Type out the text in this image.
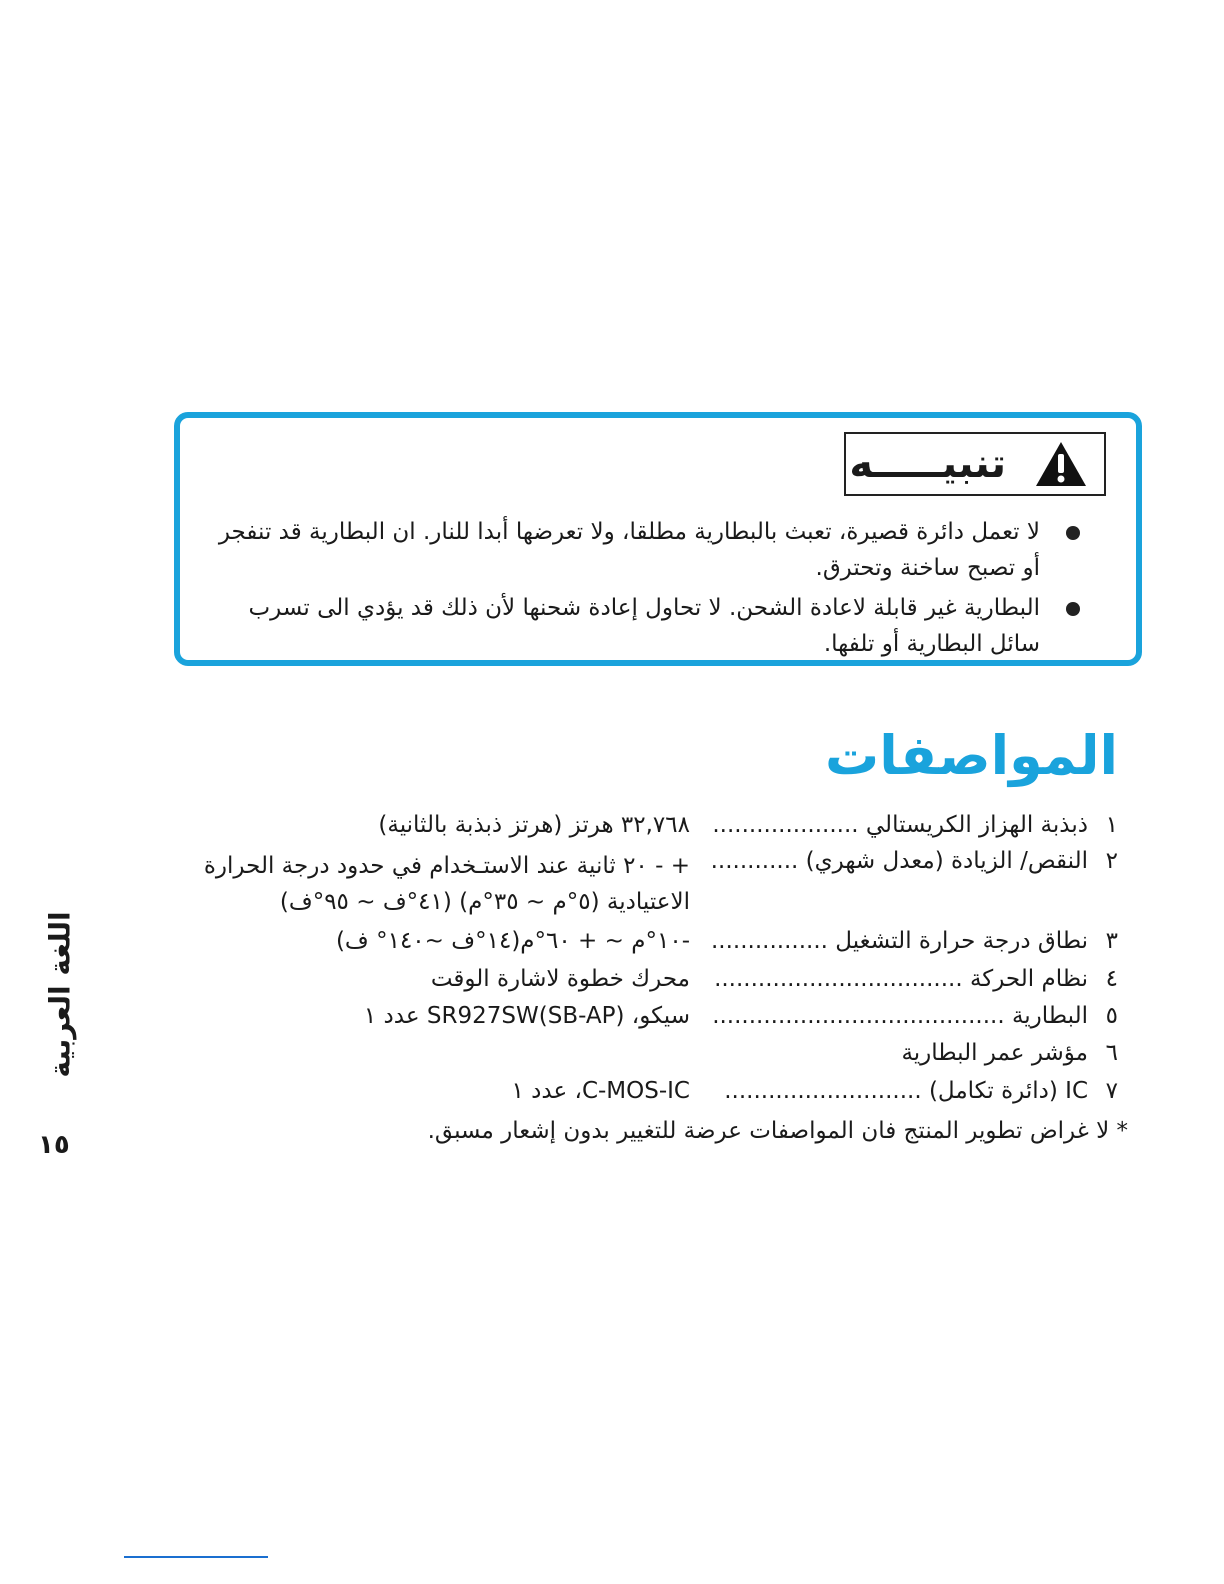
تنبيـــــه
لا تعمل دائرة قصيرة، تعبث بالبطارية مطلقا، ولا تعرضها أبدا للنار. ان البطارية قد تنفجر أو تصبح ساخنة وتحترق.
البطارية غير قابلة لاعادة الشحن. لا تحاول إعادة شحنها لأن ذلك قد يؤدي الى تسرب سائل البطارية أو تلفها.
المواصفات
١
ذبذبة الهزاز الكريستالي ....................
٣٢,٧٦٨ هرتز (هرتز ذبذبة بالثانية)
٢
النقص/ الزيادة (معدل شهري) ............
+ - ٢٠ ثانية عند الاستـخدام في حدود درجة الحرارة الاعتيادية (٥°م ~ ٣٥°م) (٤١°ف ~ ٩٥°ف)
٣
نطاق درجة حرارة التشغيل ................
-١٠°م ~ + ٦٠°م(١٤°ف ~١٤٠° ف)
٤
نظام الحركة ..................................
محرك خطوة لاشارة الوقت
٥
البطارية ........................................
سيكو، SR927SW(SB-AP) عدد ١
٦
مؤشر عمر البطارية
٧
IC (دائرة تكامل) ...........................
C-MOS-IC، عدد ١
* لا غراض تطوير المنتج فان المواصفات عرضة للتغيير بدون إشعار مسبق.
اللغة العربية
١٥
